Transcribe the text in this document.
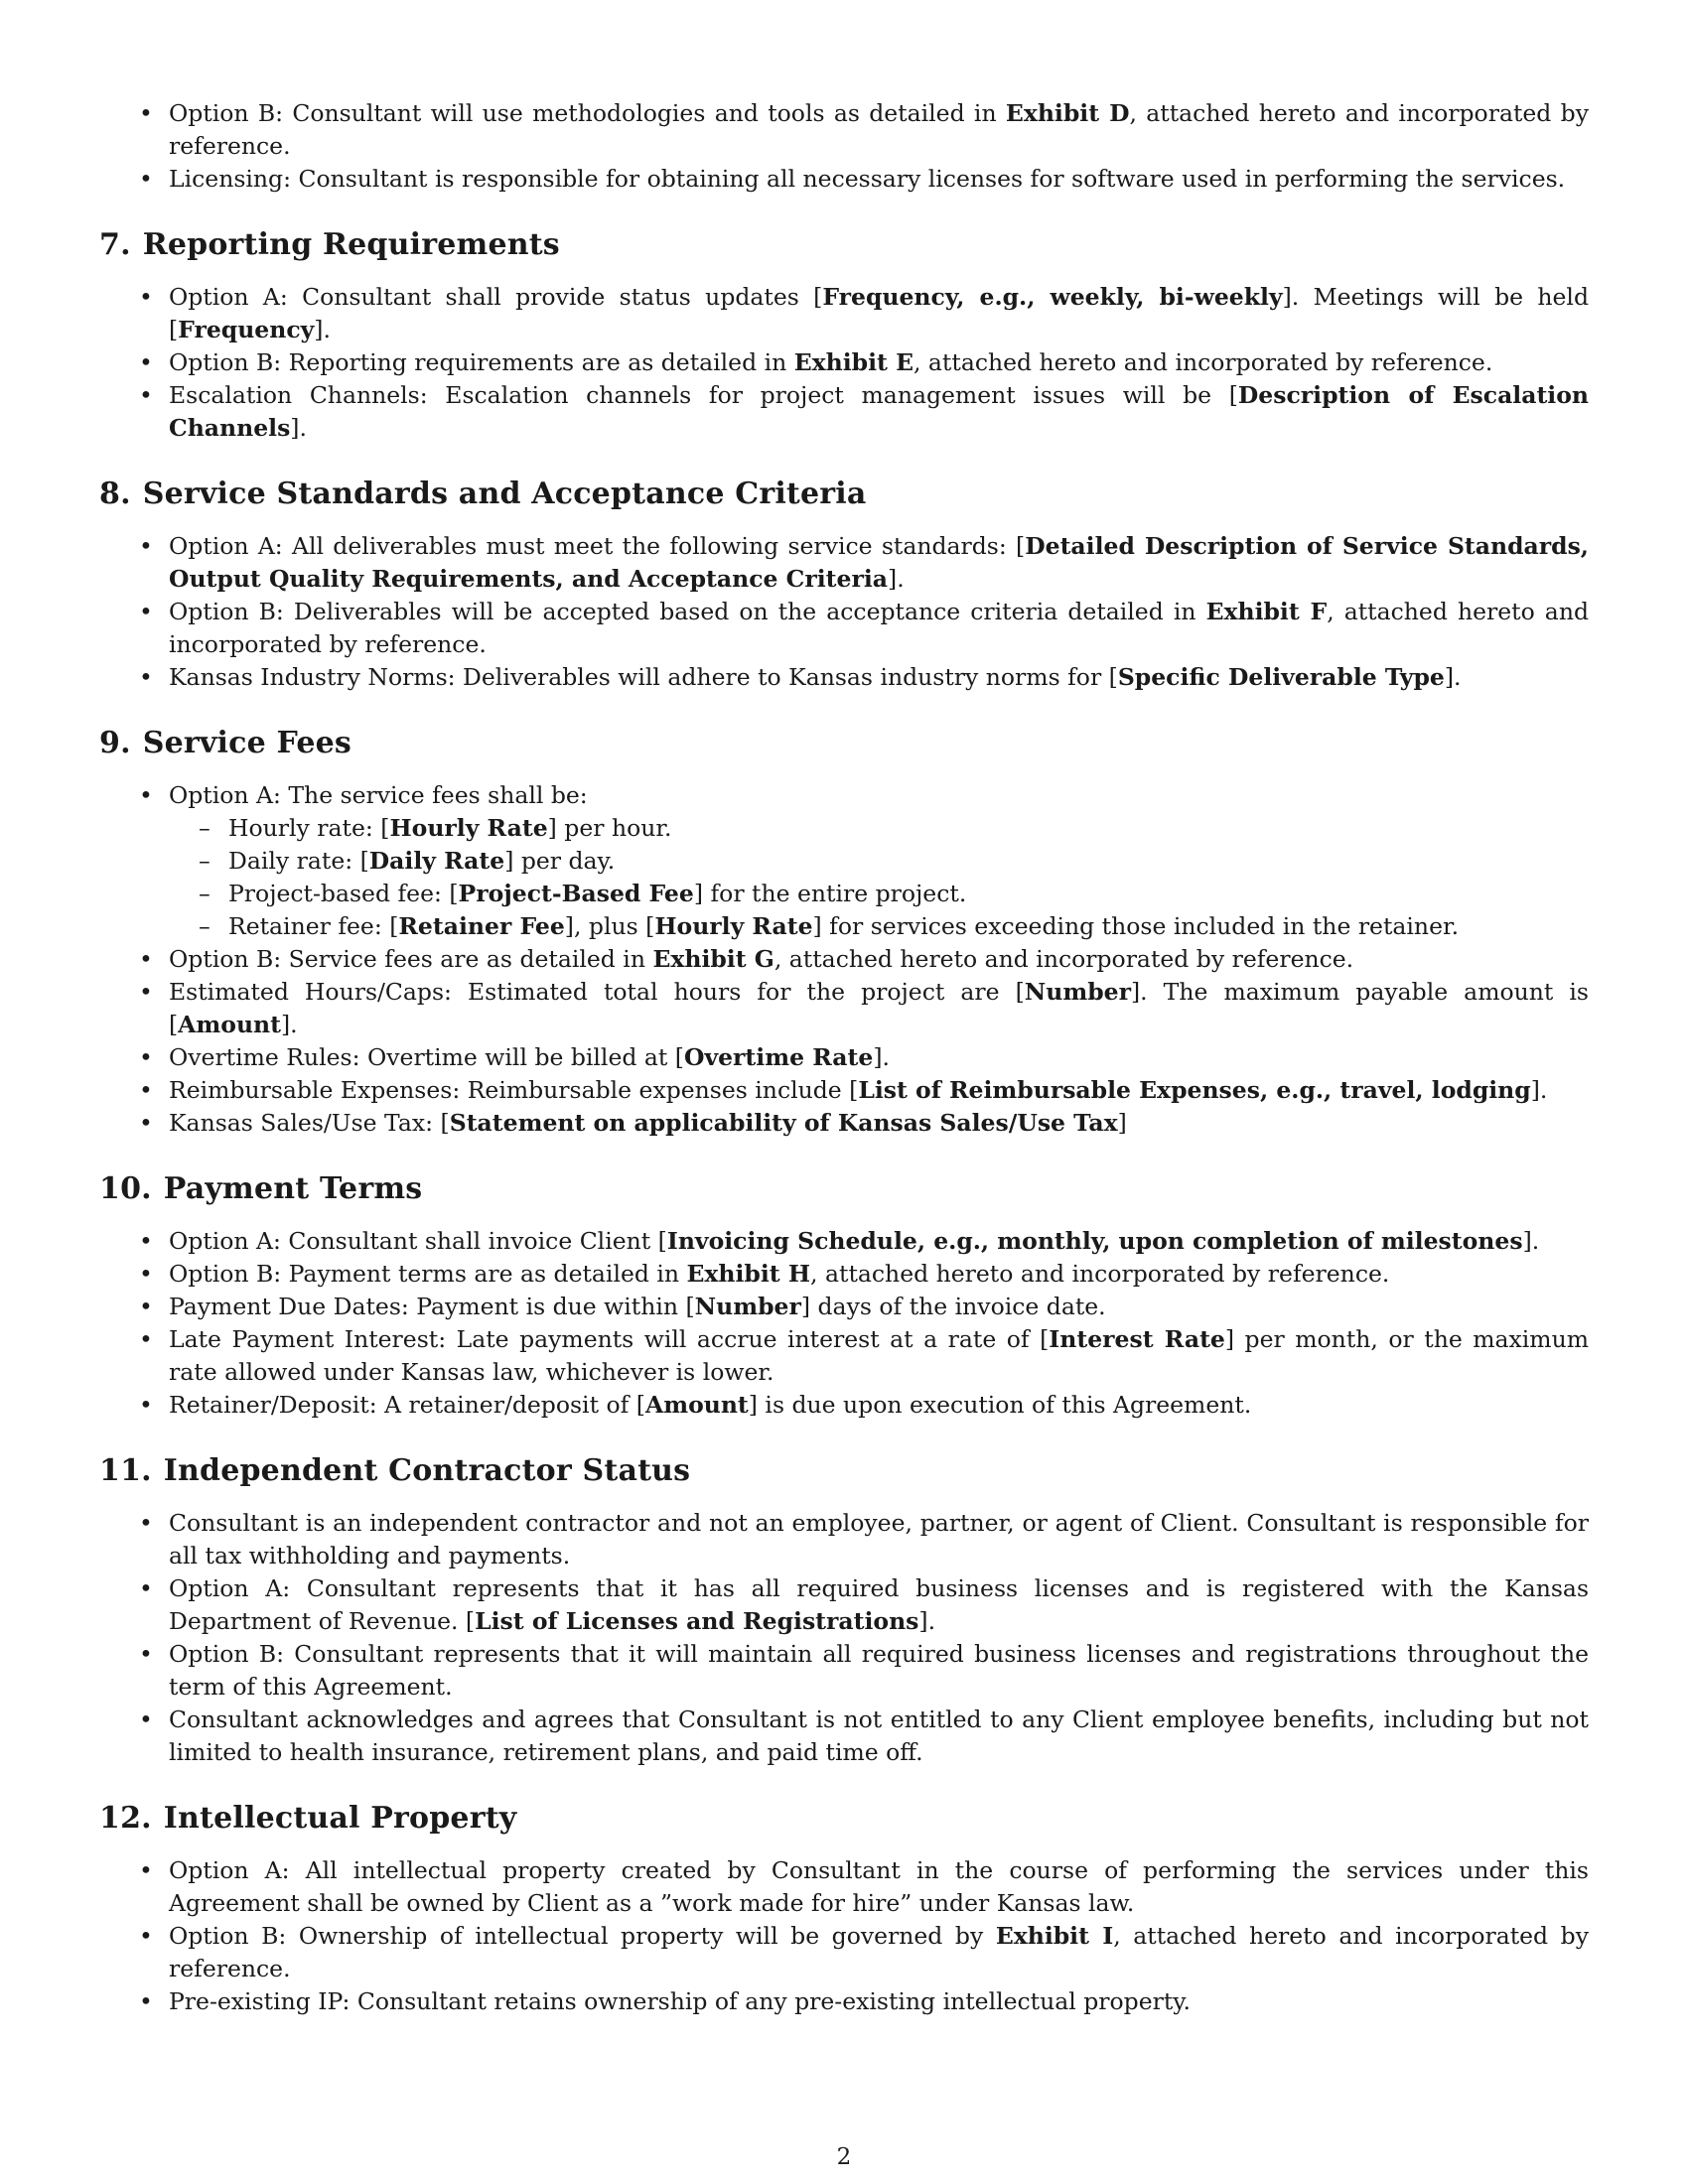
• Option B: Consultant will use methodologies and tools as detailed in Exhibit D, attached hereto and incorporated by reference.
• Licensing: Consultant is responsible for obtaining all necessary licenses for software used in performing the services.
7. Reporting Requirements
• Option A: Consultant shall provide status updates [Frequency, e.g., weekly, bi-weekly]. Meetings will be held [Frequency].
• Option B: Reporting requirements are as detailed in Exhibit E, attached hereto and incorporated by reference.
• Escalation Channels: Escalation channels for project management issues will be [Description of Escalation Channels].
8. Service Standards and Acceptance Criteria
• Option A: All deliverables must meet the following service standards: [Detailed Description of Service Standards, Output Quality Requirements, and Acceptance Criteria].
• Option B: Deliverables will be accepted based on the acceptance criteria detailed in Exhibit F, attached hereto and incorporated by reference.
• Kansas Industry Norms: Deliverables will adhere to Kansas industry norms for [Specific Deliverable Type].
9. Service Fees
• Option A: The service fees shall be:
– Hourly rate: [Hourly Rate] per hour.
– Daily rate: [Daily Rate] per day.
– Project-based fee: [Project-Based Fee] for the entire project.
– Retainer fee: [Retainer Fee], plus [Hourly Rate] for services exceeding those included in the retainer.
• Option B: Service fees are as detailed in Exhibit G, attached hereto and incorporated by reference.
• Estimated Hours/Caps: Estimated total hours for the project are [Number]. The maximum payable amount is [Amount].
• Overtime Rules: Overtime will be billed at [Overtime Rate].
• Reimbursable Expenses: Reimbursable expenses include [List of Reimbursable Expenses, e.g., travel, lodging].
• Kansas Sales/Use Tax: [Statement on applicability of Kansas Sales/Use Tax]
10. Payment Terms
• Option A: Consultant shall invoice Client [Invoicing Schedule, e.g., monthly, upon completion of milestones].
• Option B: Payment terms are as detailed in Exhibit H, attached hereto and incorporated by reference.
• Payment Due Dates: Payment is due within [Number] days of the invoice date.
• Late Payment Interest: Late payments will accrue interest at a rate of [Interest Rate] per month, or the maximum rate allowed under Kansas law, whichever is lower.
• Retainer/Deposit: A retainer/deposit of [Amount] is due upon execution of this Agreement.
11. Independent Contractor Status
• Consultant is an independent contractor and not an employee, partner, or agent of Client. Consultant is responsible for all tax withholding and payments.
• Option A: Consultant represents that it has all required business licenses and is registered with the Kansas Department of Revenue. [List of Licenses and Registrations].
• Option B: Consultant represents that it will maintain all required business licenses and registrations throughout the term of this Agreement.
• Consultant acknowledges and agrees that Consultant is not entitled to any Client employee benefits, including but not limited to health insurance, retirement plans, and paid time off.
12. Intellectual Property
• Option A: All intellectual property created by Consultant in the course of performing the services under this Agreement shall be owned by Client as a ”work made for hire” under Kansas law.
• Option B: Ownership of intellectual property will be governed by Exhibit I, attached hereto and incorporated by reference.
• Pre-existing IP: Consultant retains ownership of any pre-existing intellectual property.
2
